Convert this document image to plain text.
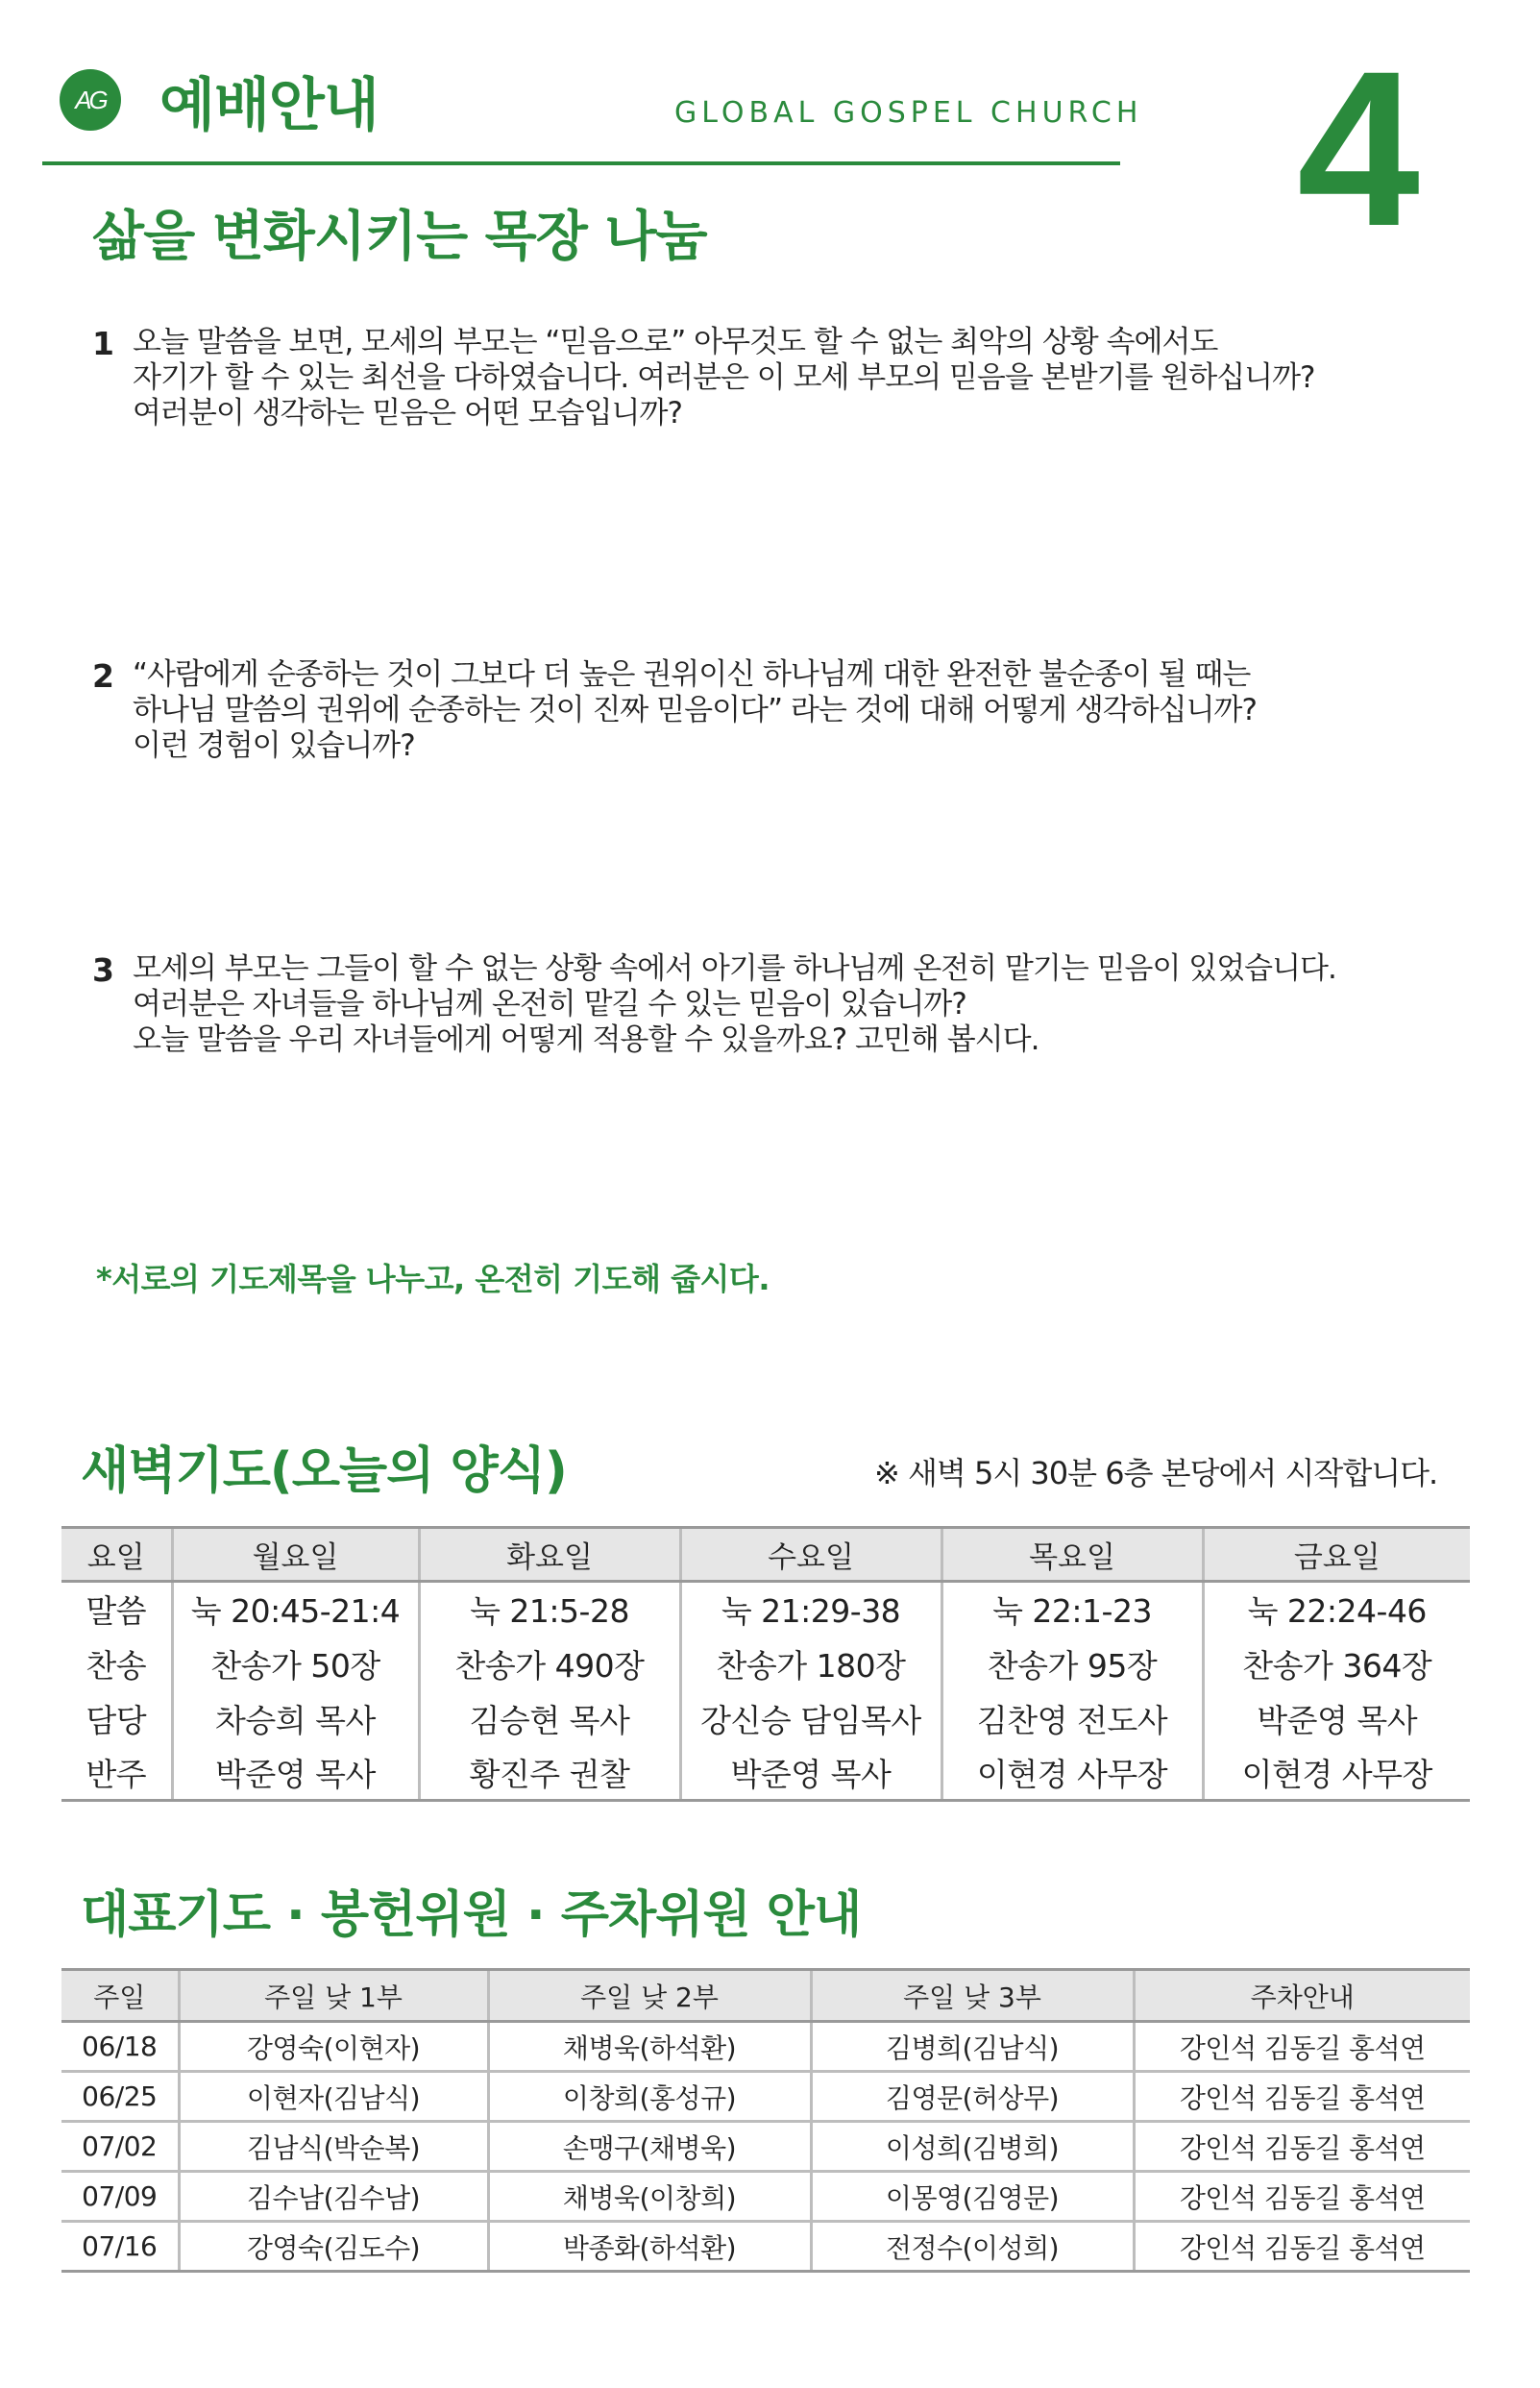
AG 예배안내	GLOBAL GOSPEL CHURCH 4
삶을 변화시키는 목장 나눔
1 오늘 말씀을 보면, 모세의 부모는 “믿음으로” 아무것도 할 수 없는 최악의 상황 속에서도
자기가 할 수 있는 최선을 다하였습니다. 여러분은 이 모세 부모의 믿음을 본받기를 원하십니까?
여러분이 생각하는 믿음은 어떤 모습입니까?
2 “사람에게 순종하는 것이 그보다 더 높은 권위이신 하나님께 대한 완전한 불순종이 될 때는
하나님 말씀의 권위에 순종하는 것이 진짜 믿음이다” 라는 것에 대해 어떻게 생각하십니까?
이런 경험이 있습니까?
3 모세의 부모는 그들이 할 수 없는 상황 속에서 아기를 하나님께 온전히 맡기는 믿음이 있었습니다.
여러분은 자녀들을 하나님께 온전히 맡길 수 있는 믿음이 있습니까?
오늘 말씀을 우리 자녀들에게 어떻게 적용할 수 있을까요? 고민해 봅시다.
*서로의 기도제목을 나누고, 온전히 기도해 줍시다.
새벽기도(오늘의 양식)	※ 새벽 5시 30분 6층 본당에서 시작합니다.
요일	월요일	화요일	수요일	목요일	금요일
말씀	눅 20:45-21:4	눅 21:5-28	눅 21:29-38	눅 22:1-23	눅 22:24-46
찬송	찬송가 50장	찬송가 490장	찬송가 180장	찬송가 95장	찬송가 364장
담당	차승희 목사	김승현 목사	강신승 담임목사	김찬영 전도사	박준영 목사
반주	박준영 목사	황진주 권찰	박준영 목사	이현경 사무장	이현경 사무장
대표기도 · 봉헌위원 · 주차위원 안내
주일	주일 낮 1부	주일 낮 2부	주일 낮 3부	주차안내
06/18	강영숙(이현자)	채병욱(하석환)	김병희(김남식)	강인석 김동길 홍석연
06/25	이현자(김남식)	이창희(홍성규)	김영문(허상무)	강인석 김동길 홍석연
07/02	김남식(박순복)	손맹구(채병욱)	이성희(김병희)	강인석 김동길 홍석연
07/09	김수남(김수남)	채병욱(이창희)	이몽영(김영문)	강인석 김동길 홍석연
07/16	강영숙(김도수)	박종화(하석환)	전정수(이성희)	강인석 김동길 홍석연
